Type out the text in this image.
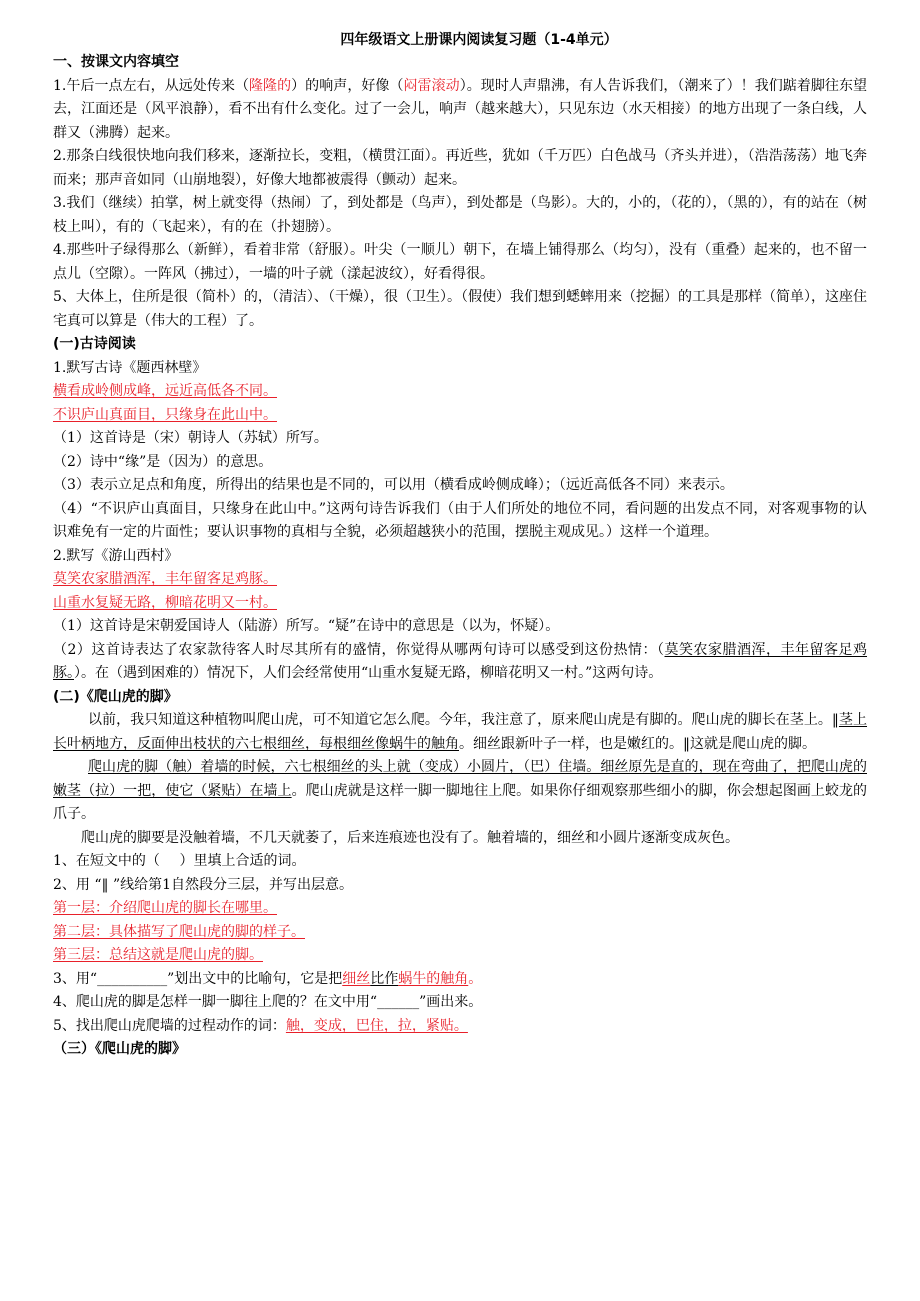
四年级语文上册课内阅读复习题（1-4单元）
一、按课文内容填空
1.午后一点左右，从远处传来（隆隆的）的响声，好像（闷雷滚动）。现时人声鼎沸，有人告诉我们，（潮来了）！我们踮着脚往东望去，江面还是（风平浪静），看不出有什么变化。过了一会儿，响声（越来越大），只见东边（水天相接）的地方出现了一条白线，人群又（沸腾）起来。
2.那条白线很快地向我们移来，逐渐拉长，变粗，（横贯江面）。再近些，犹如（千万匹）白色战马（齐头并进），（浩浩荡荡）地飞奔而来；那声音如同（山崩地裂），好像大地都被震得（颤动）起来。
3.我们（继续）拍掌，树上就变得（热闹）了，到处都是（鸟声），到处都是（鸟影）。大的，小的，（花的），（黑的），有的站在（树枝上叫），有的（飞起来），有的在（扑翅膀）。
4.那些叶子绿得那么（新鲜），看着非常（舒服）。叶尖（一顺儿）朝下，在墙上铺得那么（均匀），没有（重叠）起来的，也不留一点儿（空隙）。一阵风（拂过），一墙的叶子就（漾起波纹），好看得很。
5、大体上，住所是很（简朴）的，（清洁）、（干燥），很（卫生）。（假使）我们想到蟋蟀用来（挖掘）的工具是那样（简单），这座住宅真可以算是（伟大的工程）了。
(一)古诗阅读
1.默写古诗《题西林壁》
横看成岭侧成峰，远近高低各不同。
不识庐山真面目，只缘身在此山中。
（1）这首诗是（宋）朝诗人（苏轼）所写。
（2）诗中“缘”是（因为）的意思。
（3）表示立足点和角度，所得出的结果也是不同的，可以用（横看成岭侧成峰）；（远近高低各不同）来表示。
（4）“不识庐山真面目，只缘身在此山中。”这两句诗告诉我们（由于人们所处的地位不同，看问题的出发点不同，对客观事物的认识难免有一定的片面性；要认识事物的真相与全貌，必须超越狭小的范围，摆脱主观成见。）这样一个道理。
2.默写《游山西村》
莫笑农家腊酒浑，丰年留客足鸡豚。
山重水复疑无路，柳暗花明又一村。
（1）这首诗是宋朝爱国诗人（陆游）所写。“疑”在诗中的意思是（以为，怀疑）。
（2）这首诗表达了农家款待客人时尽其所有的盛情，你觉得从哪两句诗可以感受到这份热情：（莫笑农家腊酒浑，丰年留客足鸡豚。）。在（遇到困难的）情况下，人们会经常使用“山重水复疑无路，柳暗花明又一村。”这两句诗。
(二)《爬山虎的脚》
以前，我只知道这种植物叫爬山虎，可不知道它怎么爬。今年，我注意了，原来爬山虎是有脚的。爬山虎的脚长在茎上。‖茎上长叶柄地方，反面伸出枝状的六七根细丝，每根细丝像蜗牛的触角。细丝跟新叶子一样，也是嫩红的。‖这就是爬山虎的脚。
爬山虎的脚（触）着墙的时候，六七根细丝的头上就（变成）小圆片，（巴）住墙。细丝原先是直的，现在弯曲了，把爬山虎的嫩茎（拉）一把，使它（紧贴）在墙上。爬山虎就是这样一脚一脚地往上爬。如果你仔细观察那些细小的脚，你会想起图画上蛟龙的爪子。
爬山虎的脚要是没触着墙，不几天就萎了，后来连痕迹也没有了。触着墙的，细丝和小圆片逐渐变成灰色。
1、在短文中的（ ）里填上合适的词。
2、用 “‖ ”线给第1自然段分三层，并写出层意。
第一层：介绍爬山虎的脚长在哪里。
第二层：具体描写了爬山虎的脚的样子。
第三层：总结这就是爬山虎的脚。
3、用“__________”划出文中的比喻句，它是把细丝比作蜗牛的触角。
4、爬山虎的脚是怎样一脚一脚往上爬的？在文中用“______”画出来。
5、找出爬山虎爬墙的过程动作的词：触，变成，巴住，拉，紧贴。
（三）《爬山虎的脚》
